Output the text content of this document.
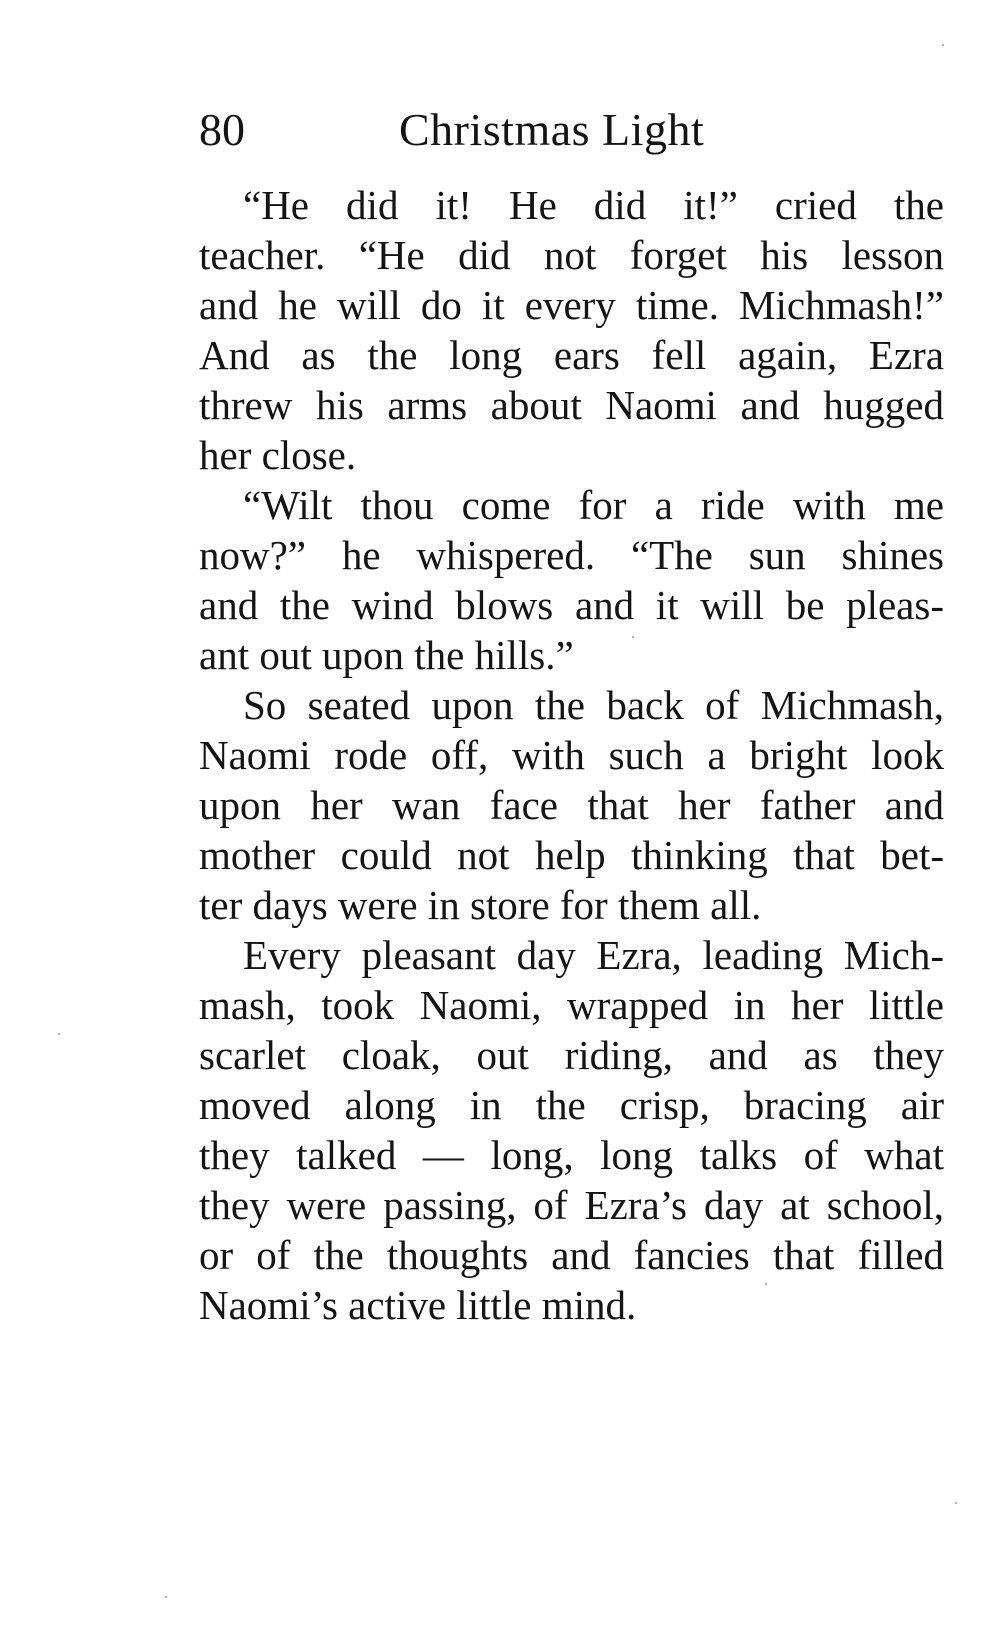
80	Christmas Light
“He did it! He did it!” cried the
teacher. “He did not forget his lesson
and he will do it every time. Michmash!”
And as the long ears fell again, Ezra
threw his arms about Naomi and hugged
her close.
“Wilt thou come for a ride with me
now?” he whispered. “The sun shines
and the wind blows and it will be pleas-
ant out upon the hills.”
So seated upon the back of Michmash,
Naomi rode off, with such a bright look
upon her wan face that her father and
mother could not help thinking that bet-
ter days were in store for them all.
Every pleasant day Ezra, leading Mich-
mash, took Naomi, wrapped in her little
scarlet cloak, out riding, and as they
moved along in the crisp, bracing air
they talked — long, long talks of what
they were passing, of Ezra’s day at school,
or of the thoughts and fancies that filled
Naomi’s active little mind.
